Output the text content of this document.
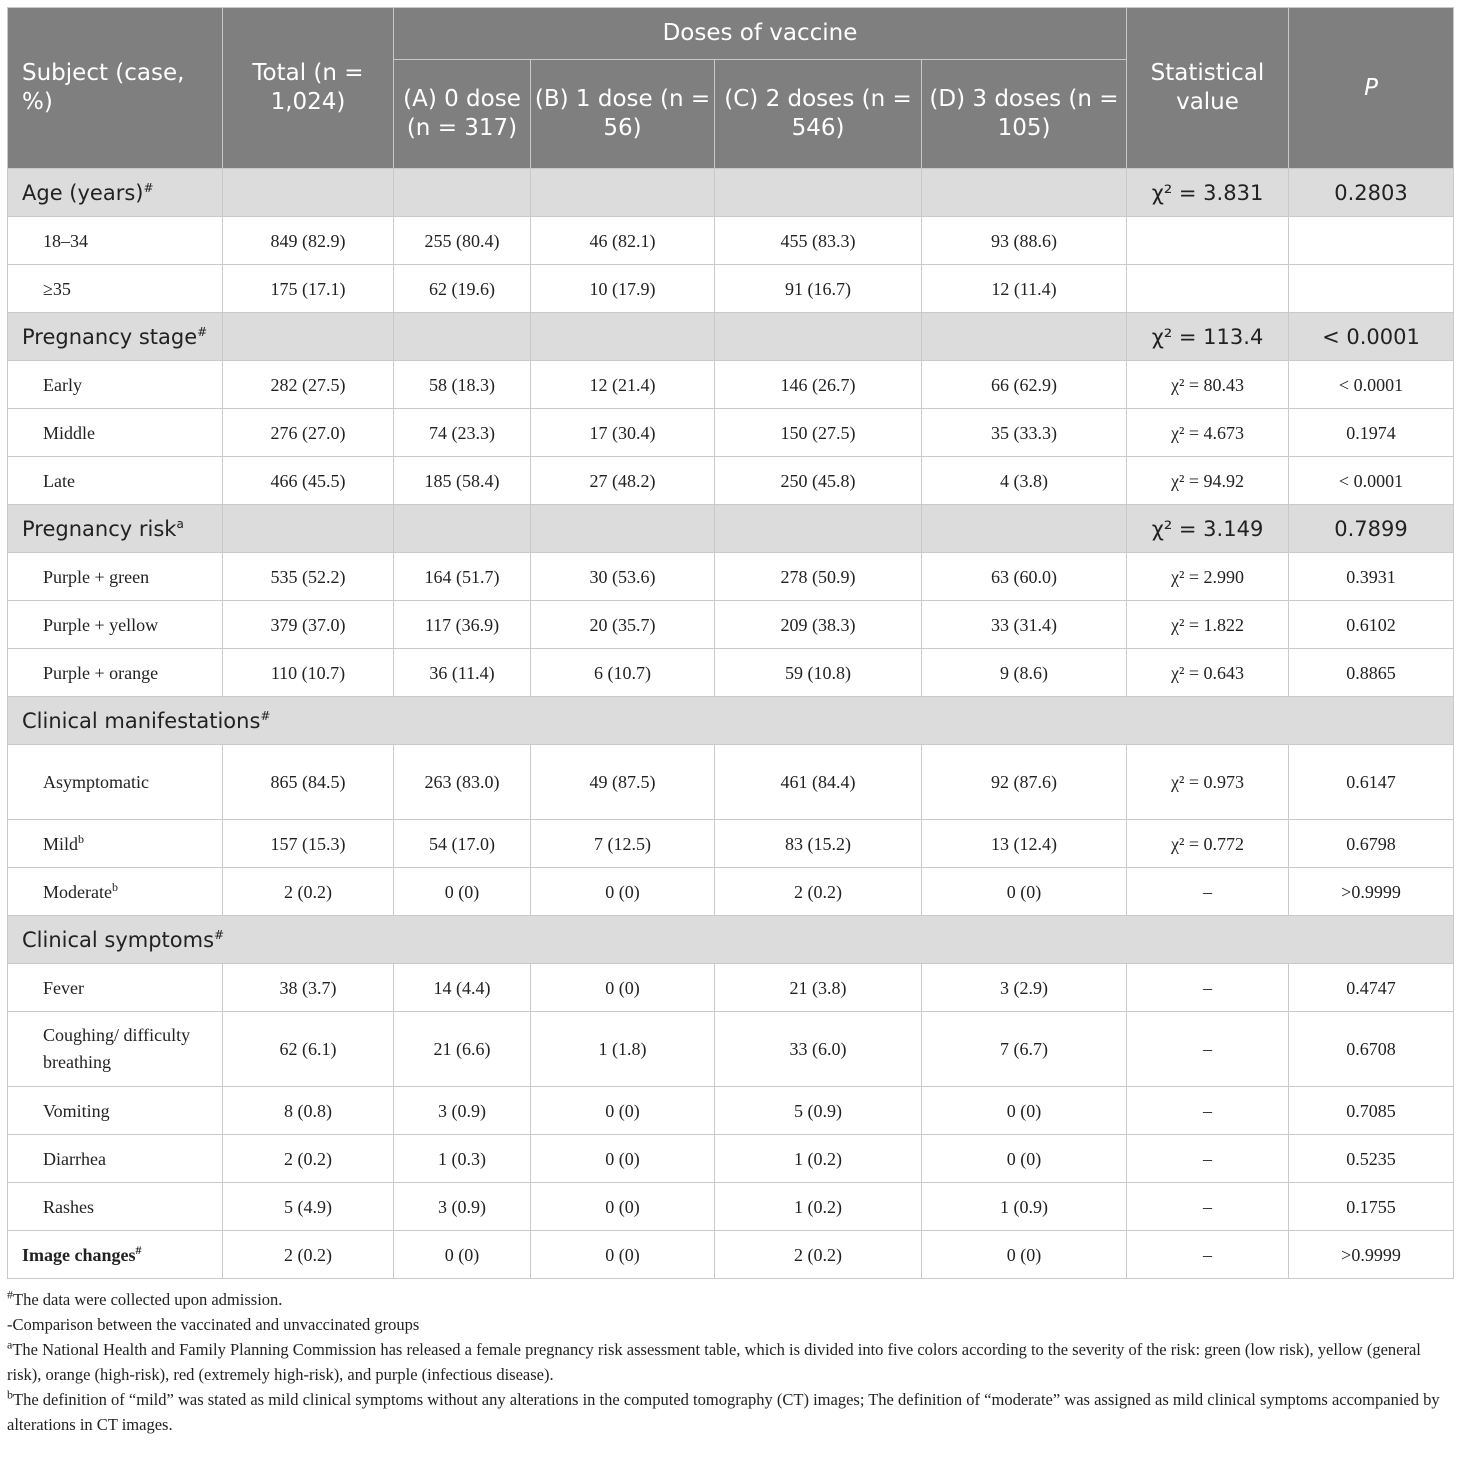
Subject (case, %)	Total (n = 1,024)	Doses of vaccine				Statistical value	P
		(A) 0 dose (n = 317)	(B) 1 dose (n = 56)	(C) 2 doses (n = 546)	(D) 3 doses (n = 105)		
Age (years)#						χ² = 3.831	0.2803
18–34	849 (82.9)	255 (80.4)	46 (82.1)	455 (83.3)	93 (88.6)		
≥35	175 (17.1)	62 (19.6)	10 (17.9)	91 (16.7)	12 (11.4)		
Pregnancy stage#						χ² = 113.4	< 0.0001
Early	282 (27.5)	58 (18.3)	12 (21.4)	146 (26.7)	66 (62.9)	χ² = 80.43	< 0.0001
Middle	276 (27.0)	74 (23.3)	17 (30.4)	150 (27.5)	35 (33.3)	χ² = 4.673	0.1974
Late	466 (45.5)	185 (58.4)	27 (48.2)	250 (45.8)	4 (3.8)	χ² = 94.92	< 0.0001
Pregnancy risk$^a$						χ² = 3.149	0.7899
Purple + green	535 (52.2)	164 (51.7)	30 (53.6)	278 (50.9)	63 (60.0)	χ² = 2.990	0.3931
Purple + yellow	379 (37.0)	117 (36.9)	20 (35.7)	209 (38.3)	33 (31.4)	χ² = 1.822	0.6102
Purple + orange	110 (10.7)	36 (11.4)	6 (10.7)	59 (10.8)	9 (8.6)	χ² = 0.643	0.8865
Clinical manifestations#
Asymptomatic	865 (84.5)	263 (83.0)	49 (87.5)	461 (84.4)	92 (87.6)	χ² = 0.973	0.6147
Mild$^b$	157 (15.3)	54 (17.0)	7 (12.5)	83 (15.2)	13 (12.4)	χ² = 0.772	0.6798
Moderate$^b$	2 (0.2)	0 (0)	0 (0)	2 (0.2)	0 (0)	–	>0.9999
Clinical symptoms#
Fever	38 (3.7)	14 (4.4)	0 (0)	21 (3.8)	3 (2.9)	–	0.4747
Coughing/ difficulty breathing	62 (6.1)	21 (6.6)	1 (1.8)	33 (6.0)	7 (6.7)	–	0.6708
Vomiting	8 (0.8)	3 (0.9)	0 (0)	5 (0.9)	0 (0)	–	0.7085
Diarrhea	2 (0.2)	1 (0.3)	0 (0)	1 (0.2)	0 (0)	–	0.5235
Rashes	5 (4.9)	3 (0.9)	0 (0)	1 (0.2)	1 (0.9)	–	0.1755
Image changes#	2 (0.2)	0 (0)	0 (0)	2 (0.2)	0 (0)	–	>0.9999

#The data were collected upon admission.

-Comparison between the vaccinated and unvaccinated groups

$^a$The National Health and Family Planning Commission has released a female pregnancy risk assessment table, which is divided into five colors according to the severity of the risk: green (low risk), yellow (general risk), orange (high-risk), red (extremely high-risk), and purple (infectious disease).

$^b$The definition of “mild” was stated as mild clinical symptoms without any alterations in the computed tomography (CT) images; The definition of “moderate” was assigned as mild clinical symptoms accompanied by alterations in CT images.
